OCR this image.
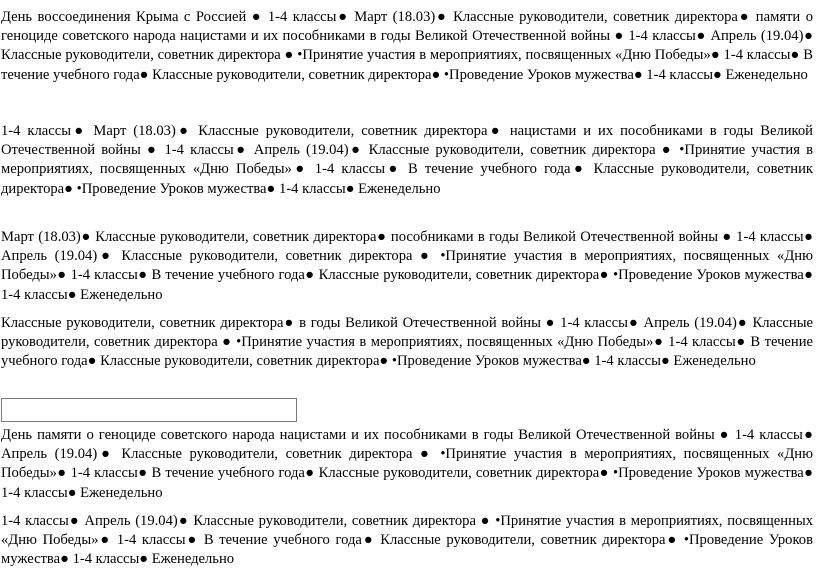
День воссоединения Крыма с Россией ● 1-4 классы● Март (18.03)● Классные руководители, советник директора● памяти о геноциде советского народа нацистами и их пособниками в годы Великой Отечественной войны ● 1-4 классы● Апрель (19.04)● Классные руководители, советник директора ● •Принятие участия в мероприятиях, посвященных «Дню Победы»● 1-4 классы● В течение учебного года● Классные руководители, советник директора● •Проведение Уроков мужества● 1-4 классы● Еженедельно

1-4 классы● Март (18.03)● Классные руководители, советник директора● нацистами и их пособниками в годы Великой Отечественной войны ● 1-4 классы● Апрель (19.04)● Классные руководители, советник директора ● •Принятие участия в мероприятиях, посвященных «Дню Победы»● 1-4 классы● В течение учебного года● Классные руководители, советник директора● •Проведение Уроков мужества● 1-4 классы● Еженедельно

Март (18.03)● Классные руководители, советник директора● пособниками в годы Великой Отечественной войны ● 1-4 классы● Апрель (19.04)● Классные руководители, советник директора ● •Принятие участия в мероприятиях, посвященных «Дню Победы»● 1-4 классы● В течение учебного года● Классные руководители, советник директора● •Проведение Уроков мужества● 1-4 классы● Еженедельно

Классные руководители, советник директора● в годы Великой Отечественной войны ● 1-4 классы● Апрель (19.04)● Классные руководители, советник директора ● •Принятие участия в мероприятиях, посвященных «Дню Победы»● 1-4 классы● В течение учебного года● Классные руководители, советник директора● •Проведение Уроков мужества● 1-4 классы● Еженедельно

День памяти о геноциде советского народа нацистами и их пособниками в годы Великой Отечественной войны ● 1-4 классы● Апрель (19.04)● Классные руководители, советник директора ● •Принятие участия в мероприятиях, посвященных «Дню Победы»● 1-4 классы● В течение учебного года● Классные руководители, советник директора● •Проведение Уроков мужества● 1-4 классы● Еженедельно

1-4 классы● Апрель (19.04)● Классные руководители, советник директора ● •Принятие участия в мероприятиях, посвященных «Дню Победы»● 1-4 классы● В течение учебного года● Классные руководители, советник директора● •Проведение Уроков мужества● 1-4 классы● Еженедельно
